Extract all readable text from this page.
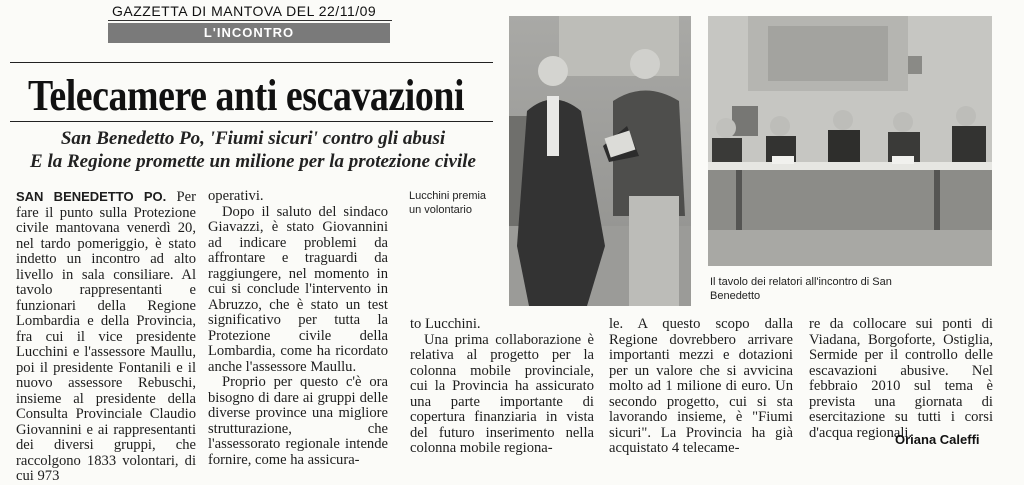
GAZZETTA DI MANTOVA DEL 22/11/09
L'INCONTRO
Telecamere anti escavazioni
San Benedetto Po, 'Fiumi sicuri' contro gli abusi
E la Regione promette un milione per la protezione civile

SAN BENEDETTO PO. Per fare il punto sulla Protezione civile mantovana venerdì 20, nel tardo pomeriggio, è stato indetto un incontro ad alto livello in sala consiliare. Al tavolo rappresentanti e funzionari della Regione Lombardia e della Provincia, fra cui il vice presidente Lucchini e l'assessore Maullu, poi il presidente Fontanili e il nuovo assessore Rebuschi, insieme al presidente della Consulta Provinciale Claudio Giovannini e ai rappresentanti dei diversi gruppi, che raccolgono 1833 volontari, di cui 973

operativi.

Dopo il saluto del sindaco Giavazzi, è stato Giovannini ad indicare problemi da affrontare e traguardi da raggiungere, nel momento in cui si conclude l'intervento in Abruzzo, che è stato un test significativo per tutta la Protezione civile della Lombardia, come ha ricordato anche l'assessore Maullu.

Proprio per questo c'è ora bisogno di dare ai gruppi delle diverse province una migliore strutturazione, che l'assessorato regionale intende fornire, come ha assicura-

Lucchini premia un volontario
Il tavolo dei relatori all'incontro di San Benedetto

to Lucchini.

Una prima collaborazione è relativa al progetto per la colonna mobile provinciale, cui la Provincia ha assicurato una parte importante di copertura finanziaria in vista del futuro inserimento nella colonna mobile regiona-

le. A questo scopo dalla Regione dovrebbero arrivare importanti mezzi e dotazioni per un valore che si avvicina molto ad 1 milione di euro. Un secondo progetto, cui si sta lavorando insieme, è "Fiumi sicuri". La Provincia ha già acquistato 4 telecame-

re da collocare sui ponti di Viadana, Borgoforte, Ostiglia, Sermide per il controllo delle escavazioni abusive. Nel febbraio 2010 sul tema è prevista una giornata di esercitazione su tutti i corsi d'acqua regionali.

Oriana Caleffi
